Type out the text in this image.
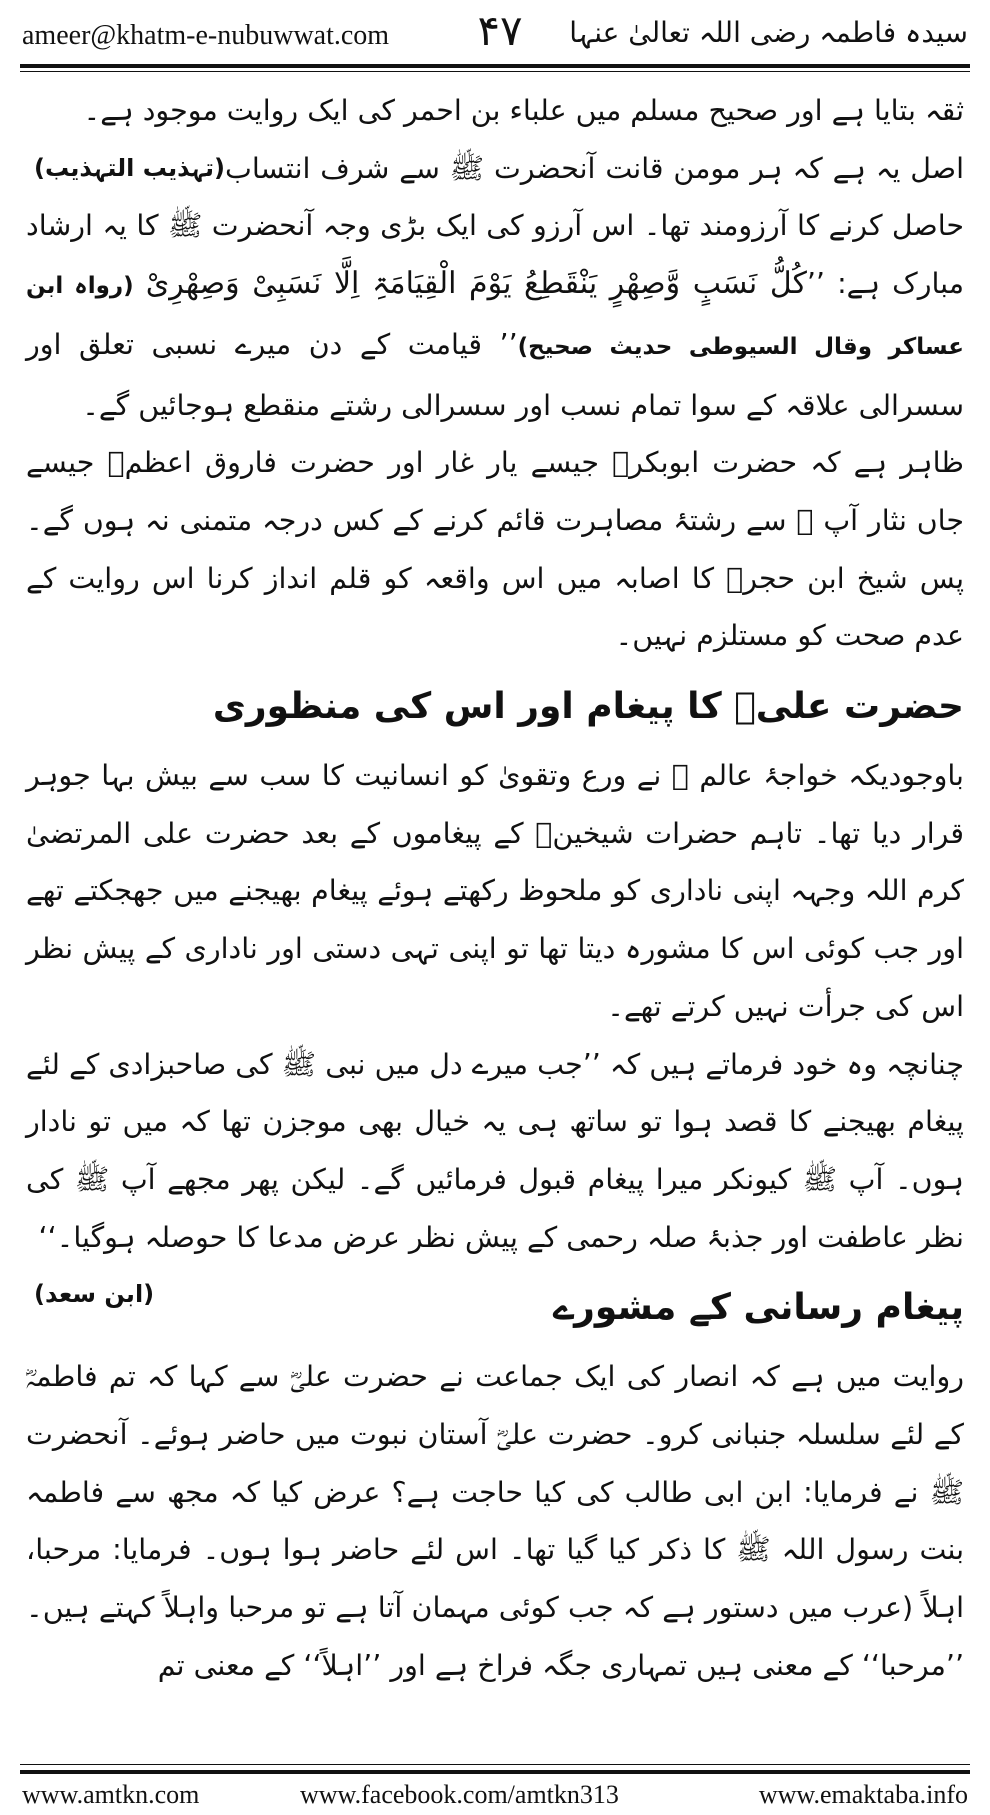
ameer@khatm-e-nubuwwat.com ۴۷ سیدہ فاطمہ رضی اللہ تعالیٰ عنہا

ثقہ بتایا ہے اور صحیح مسلم میں علباء بن احمر کی ایک روایت موجود ہے۔
(تہذیب التہذیب) اصل یہ ہے کہ ہر مومن قانت آنحضرت ﷺ سے شرف انتساب حاصل کرنے کا آرزومند تھا۔ اس آرزو کی ایک بڑی وجہ آنحضرت ﷺ کا یہ ارشاد مبارک ہے: ’’کُلُّ نَسَبٍ وَّصِھْرٍ یَنْقَطِعُ یَوْمَ الْقِیَامَۃِ اِلَّا نَسَبِیْ وَصِھْرِیْ (رواہ ابن عساکر وقال السیوطی حدیث صحیح)’’ قیامت کے دن میرے نسبی تعلق اور سسرالی علاقہ کے سوا تمام نسب اور سسرالی رشتے منقطع ہوجائیں گے۔

ظاہر ہے کہ حضرت ابوبکرؓ جیسے یار غار اور حضرت فاروق اعظمؓ جیسے جاں نثار آپ ﷺ سے رشتۂ مصاہرت قائم کرنے کے کس درجہ متمنی نہ ہوں گے۔ پس شیخ ابن حجرؒ کا اصابہ میں اس واقعہ کو قلم انداز کرنا اس روایت کے عدم صحت کو مستلزم نہیں۔

حضرت علیؓ کا پیغام اور اس کی منظوری

باوجودیکہ خواجۂ عالم ﷺ نے ورع وتقویٰ کو انسانیت کا سب سے بیش بہا جوہر قرار دیا تھا۔ تاہم حضرات شیخینؓ کے پیغاموں کے بعد حضرت علی المرتضیٰ کرم اللہ وجہہ اپنی ناداری کو ملحوظ رکھتے ہوئے پیغام بھیجنے میں جھجکتے تھے اور جب کوئی اس کا مشورہ دیتا تھا تو اپنی تہی دستی اور ناداری کے پیش نظر اس کی جرأت نہیں کرتے تھے۔

چنانچہ وہ خود فرماتے ہیں کہ ’’جب میرے دل میں نبی ﷺ کی صاحبزادی کے لئے پیغام بھیجنے کا قصد ہوا تو ساتھ ہی یہ خیال بھی موجزن تھا کہ میں تو نادار ہوں۔ آپ ﷺ کیونکر میرا پیغام قبول فرمائیں گے۔ لیکن پھر مجھے آپ ﷺ کی نظر عاطفت اور جذبۂ صلہ رحمی کے پیش نظر عرض مدعا کا حوصلہ ہوگیا۔‘‘
(ابن سعد)	پیغام رسانی کے مشورے

روایت میں ہے کہ انصار کی ایک جماعت نے حضرت علیؓ سے کہا کہ تم فاطمہؓ کے لئے سلسلہ جنبانی کرو۔ حضرت علیؓ آستان نبوت میں حاضر ہوئے۔ آنحضرت ﷺ نے فرمایا: ابن ابی طالب کی کیا حاجت ہے؟ عرض کیا کہ مجھ سے فاطمہ بنت رسول اللہ ﷺ کا ذکر کیا گیا تھا۔ اس لئے حاضر ہوا ہوں۔ فرمایا: مرحبا، اہلاً (عرب میں دستور ہے کہ جب کوئی مہمان آتا ہے تو مرحبا واہلاً کہتے ہیں۔ ’’مرحبا‘‘ کے معنی ہیں تمہاری جگہ فراخ ہے اور ’’اہلاً‘‘ کے معنی تم

www.amtkn.com	www.facebook.com/amtkn313	www.emaktaba.info
